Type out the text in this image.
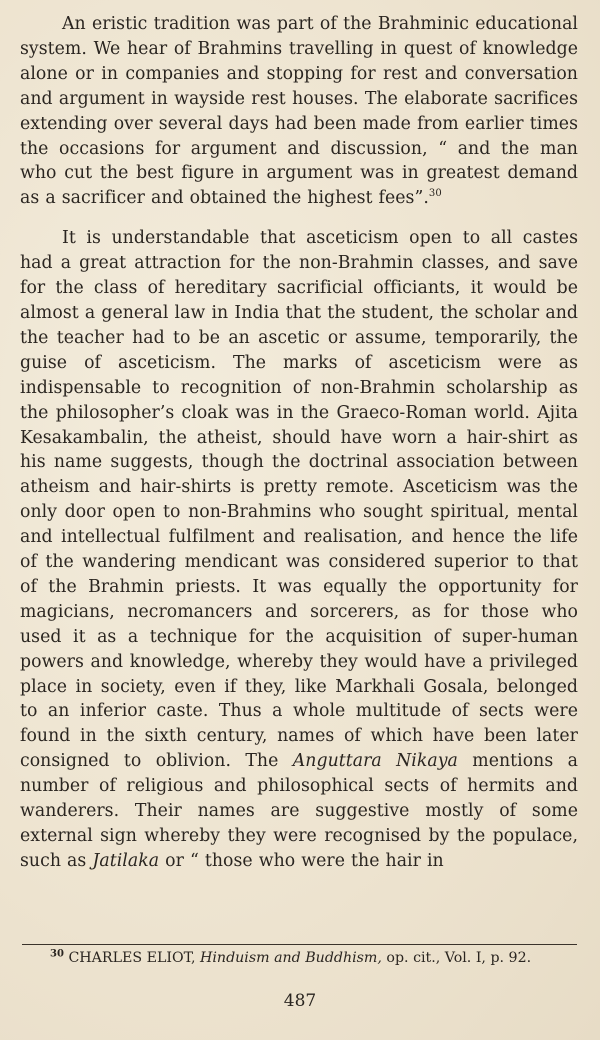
An eristic tradition was part of the Brahminic educational system. We hear of Brahmins travelling in quest of knowledge alone or in companies and stopping for rest and conversation and argument in wayside rest houses. The elaborate sacrifices extending over several days had been made from earlier times the occasions for argument and discussion, “ and the man who cut the best figure in argument was in greatest demand as a sacrificer and obtained the highest fees”.$^{30}$

It is understandable that asceticism open to all castes had a great attraction for the non-Brahmin classes, and save for the class of hereditary sacrificial officiants, it would be almost a general law in India that the student, the scholar and the teacher had to be an ascetic or assume, temporarily, the guise of asceticism. The marks of asceticism were as indispensable to recognition of non-Brahmin scholarship as the philosopher’s cloak was in the Graeco-Roman world. Ajita Kesakambalin, the atheist, should have worn a hair-shirt as his name suggests, though the doctrinal association between atheism and hair-shirts is pretty remote. Asceticism was the only door open to non-Brahmins who sought spiritual, mental and intellectual fulfilment and realisation, and hence the life of the wandering mendicant was considered superior to that of the Brahmin priests. It was equally the opportunity for magicians, necromancers and sorcerers, as for those who used it as a technique for the acquisition of super-human powers and knowledge, whereby they would have a privileged place in society, even if they, like Markhali Gosala, belonged to an inferior caste. Thus a whole multitude of sects were found in the sixth century, names of which have been later consigned to oblivion. The Anguttara Nikaya mentions a number of religious and philosophical sects of hermits and wanderers. Their names are suggestive mostly of some external sign whereby they were recognised by the populace, such as Jatilaka or “ those who were the hair in

$^{30}$ CHARLES ELIOT, Hinduism and Buddhism, op. cit., Vol. I, p. 92.
487
